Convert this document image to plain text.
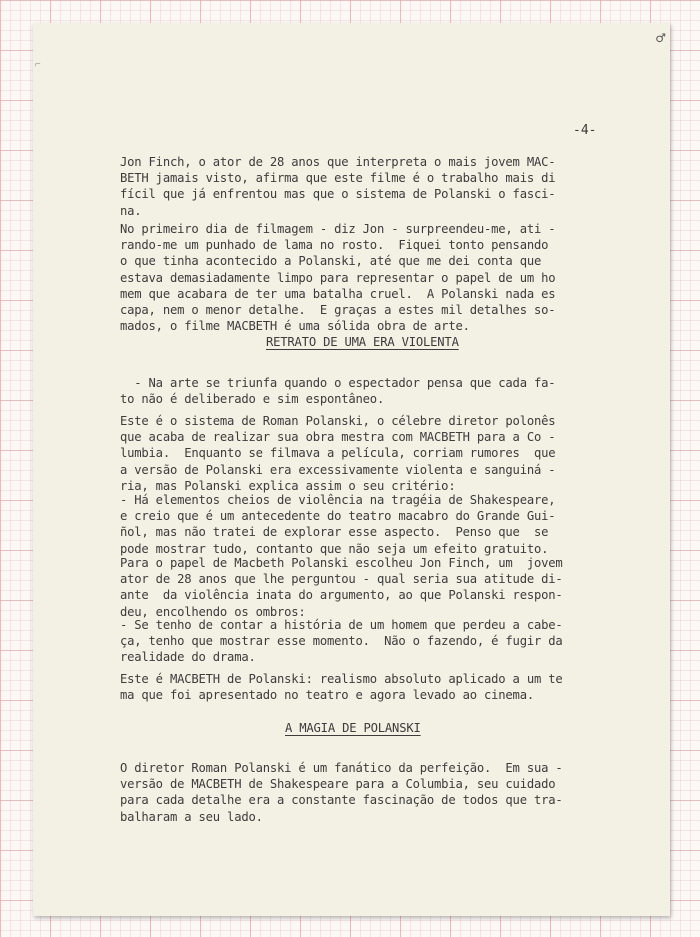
⌐
♂
-4-

Jon Finch, o ator de 28 anos que interpreta o mais jovem MAC-
BETH jamais visto, afirma que este filme é o trabalho mais di
fícil que já enfrentou mas que o sistema de Polanski o fasci-
na.

No primeiro dia de filmagem - diz Jon - surpreendeu-me, ati -
rando-me um punhado de lama no rosto.  Fiquei tonto pensando
o que tinha acontecido a Polanski, até que me dei conta que
estava demasiadamente limpo para representar o papel de um ho
mem que acabara de ter uma batalha cruel.  A Polanski nada es
capa, nem o menor detalhe.  E graças a estes mil detalhes so-
mados, o filme MACBETH é uma sólida obra de arte.

RETRATO DE UMA ERA VIOLENTA

- Na arte se triunfa quando o espectador pensa que cada fa-
to não é deliberado e sim espontâneo.

Este é o sistema de Roman Polanski, o célebre diretor polonês
que acaba de realizar sua obra mestra com MACBETH para a Co -
lumbia.  Enquanto se filmava a película, corriam rumores  que
a versão de Polanski era excessivamente violenta e sanguiná -
ria, mas Polanski explica assim o seu critério:

- Há elementos cheios de violência na tragéia de Shakespeare,
e creio que é um antecedente do teatro macabro do Grande Gui-
ñol, mas não tratei de explorar esse aspecto.  Penso que  se
pode mostrar tudo, contanto que não seja um efeito gratuito.

Para o papel de Macbeth Polanski escolheu Jon Finch, um  jovem
ator de 28 anos que lhe perguntou - qual seria sua atitude di-
ante  da violência inata do argumento, ao que Polanski respon-
deu, encolhendo os ombros:

- Se tenho de contar a história de um homem que perdeu a cabe-
ça, tenho que mostrar esse momento.  Não o fazendo, é fugir da
realidade do drama.

Este é MACBETH de Polanski: realismo absoluto aplicado a um te
ma que foi apresentado no teatro e agora levado ao cinema.

A MAGIA DE POLANSKI

O diretor Roman Polanski é um fanático da perfeição.  Em sua -
versão de MACBETH de Shakespeare para a Columbia, seu cuidado
para cada detalhe era a constante fascinação de todos que tra-
balharam a seu lado.
